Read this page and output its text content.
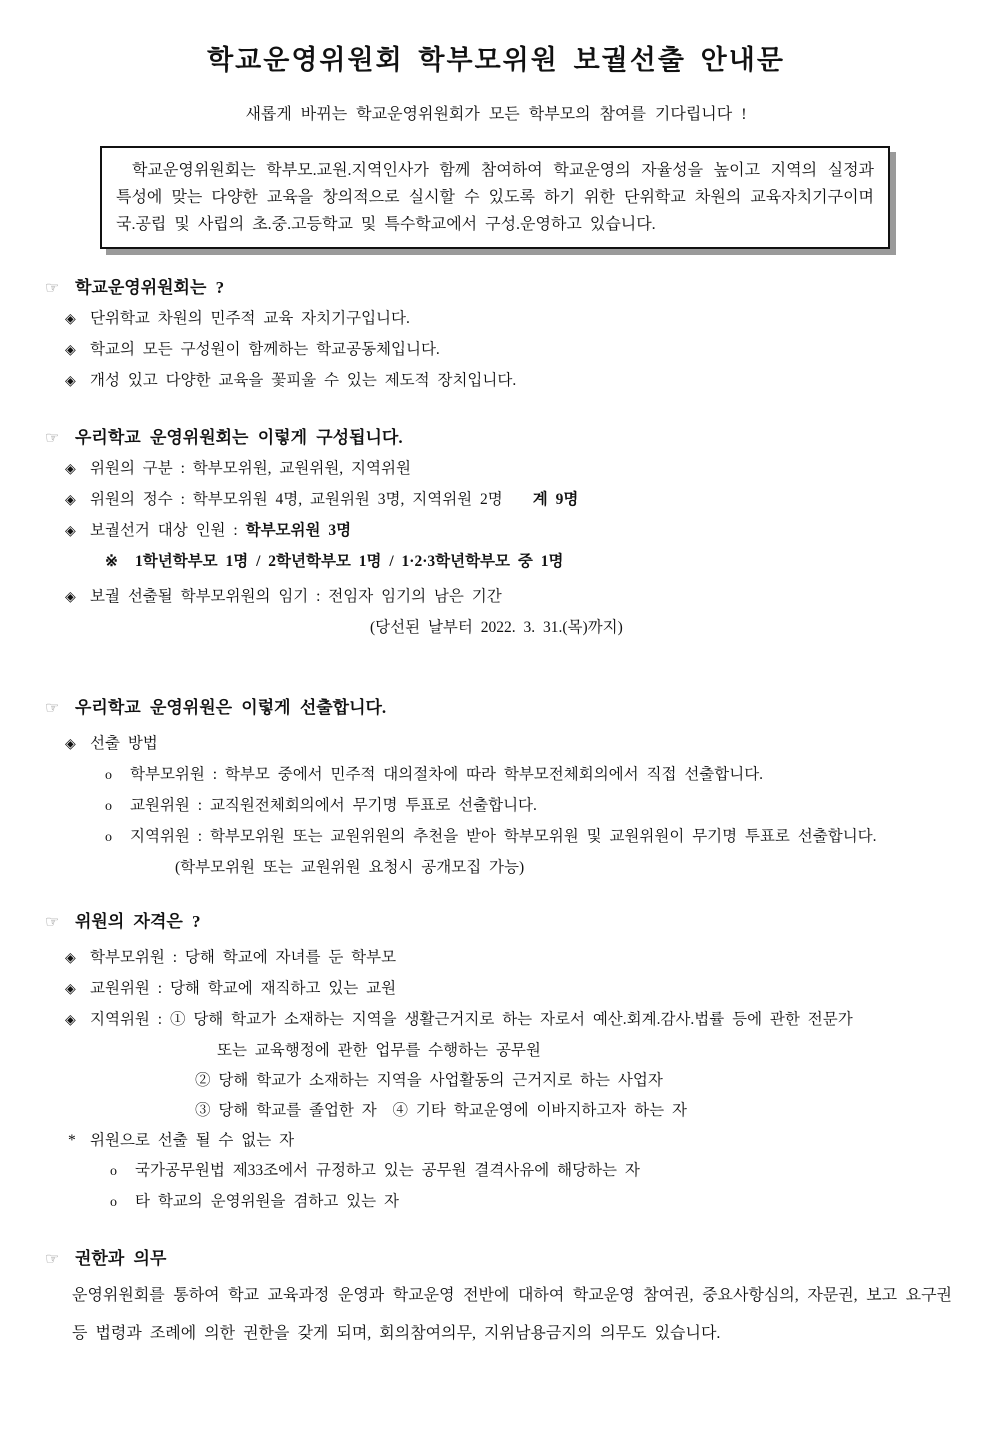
학교운영위원회 학부모위원 보궐선출 안내문
새롭게 바뀌는 학교운영위원회가 모든 학부모의 참여를 기다립니다 !

학교운영위원회는 학부모.교원.지역인사가 함께 참여하여 학교운영의 자율성을 높이고 지역의 실정과 특성에 맞는 다양한 교육을 창의적으로 실시할 수 있도록 하기 위한 단위학교 차원의 교육자치기구이며 국.공립 및 사립의 초.중.고등학교 및 특수학교에서 구성.운영하고 있습니다.

☞ 학교운영위원회는 ?
◈ 단위학교 차원의 민주적 교육 자치기구입니다.
◈ 학교의 모든 구성원이 함께하는 학교공동체입니다.
◈ 개성 있고 다양한 교육을 꽃피울 수 있는 제도적 장치입니다.
☞ 우리학교 운영위원회는 이렇게 구성됩니다.
◈ 위원의 구분 : 학부모위원, 교원위원, 지역위원
◈ 위원의 정수 : 학부모위원 4명, 교원위원 3명, 지역위원 2명 계 9명
◈ 보궐선거 대상 인원 : 학부모위원 3명
※	1학년학부모 1명 / 2학년학부모 1명 / 1·2·3학년학부모 중 1명
◈ 보궐 선출될 학부모위원의 임기 : 전임자 임기의 남은 기간
(당선된 날부터 2022. 3. 31.(목)까지)
☞ 우리학교 운영위원은 이렇게 선출합니다.
◈ 선출 방법
o	학부모위원 : 학부모 중에서 민주적 대의절차에 따라 학부모전체회의에서 직접 선출합니다.
o	교원위원 : 교직원전체회의에서 무기명 투표로 선출합니다.
o	지역위원 : 학부모위원 또는 교원위원의 추천을 받아 학부모위원 및 교원위원이 무기명 투표로 선출합니다.
(학부모위원 또는 교원위원 요청시 공개모집 가능)
☞ 위원의 자격은 ?
◈ 학부모위원 : 당해 학교에 자녀를 둔 학부모
◈ 교원위원 : 당해 학교에 재직하고 있는 교원
◈ 지역위원 : ① 당해 학교가 소재하는 지역을 생활근거지로 하는 자로서 예산.회계.감사.법률 등에 관한 전문가
또는 교육행정에 관한 업무를 수행하는 공무원
② 당해 학교가 소재하는 지역을 사업활동의 근거지로 하는 사업자
③ 당해 학교를 졸업한 자  ④ 기타 학교운영에 이바지하고자 하는 자
* 위원으로 선출 될 수 없는 자
o	국가공무원법 제33조에서 규정하고 있는 공무원 결격사유에 해당하는 자
o	타 학교의 운영위원을 겸하고 있는 자
☞ 권한과 의무
운영위원회를 통하여 학교 교육과정 운영과 학교운영 전반에 대하여 학교운영 참여권, 중요사항심의, 자문권, 보고 요구권 등 법령과 조례에 의한 권한을 갖게 되며, 회의참여의무, 지위남용금지의 의무도 있습니다.
